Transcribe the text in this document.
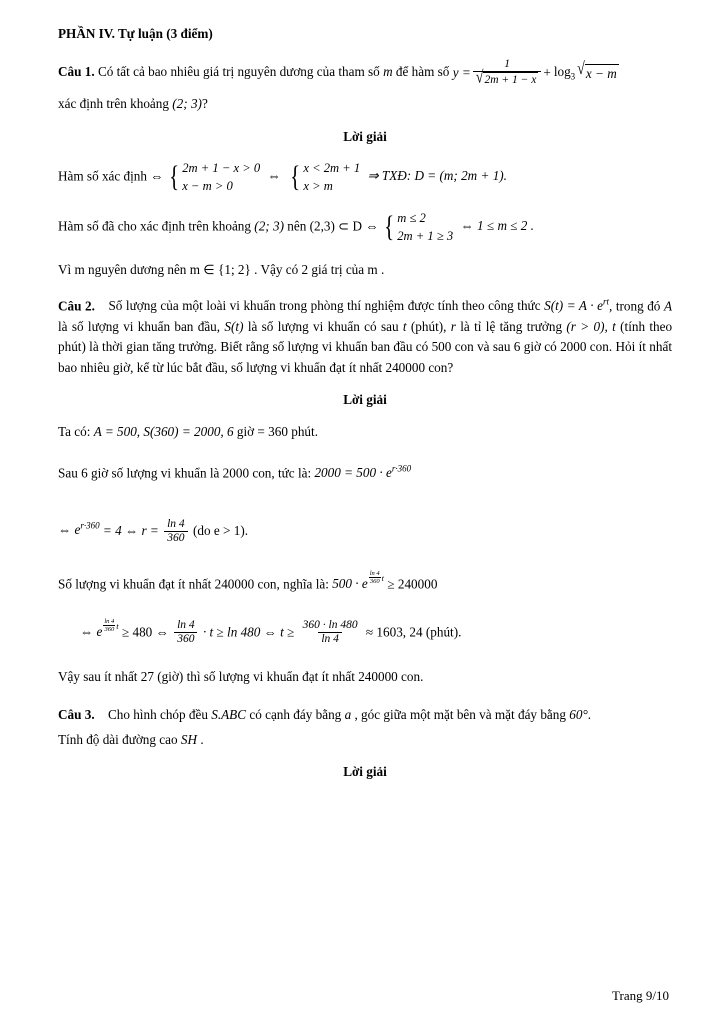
PHẦN IV. Tự luận (3 điểm)
Câu 1. Có tất cả bao nhiêu giá trị nguyên dương của tham số m để hàm số $y = \frac{1}{√ 2m + 1 - x} + \log_3$ √ x − m
xác định trên khoảng (2; 3)?
Lời giải
Hàm số xác định ⇔ { 2m + 1 − x > 0
x − m > 0
⇔ { x < 2m + 1
x > m
⇒ TXĐ: D = (m; 2m + 1).
Hàm số đã cho xác định trên khoảng (2; 3) nên (2,3) ⊂ D ⇔ { m ≤ 2
2m + 1 ≥ 3
⇔ 1 ≤ m ≤ 2 .
Vì m nguyên dương nên m ∈ {1; 2} . Vậy có 2 giá trị của m .
Câu 2. Số lượng của một loài vi khuẩn trong phòng thí nghiệm được tính theo công thức $S(t) = A \cdot e^{rt}$, trong đó A là số lượng vi khuẩn ban đầu, S(t) là số lượng vi khuẩn có sau t (phút), r là tỉ lệ tăng trưởng (r > 0), t (tính theo phút) là thời gian tăng trưởng. Biết rằng số lượng vi khuẩn ban đầu có 500 con và sau 6 giờ có 2000 con. Hỏi ít nhất bao nhiêu giờ, kể từ lúc bắt đầu, số lượng vi khuẩn đạt ít nhất 240000 con?
Lời giải
Ta có: A = 500, S(360) = 2000, 6 giờ = 360 phút.
Sau 6 giờ số lượng vi khuẩn là 2000 con, tức là: $2000 = 500 \cdot e^{r\cdot 360}$
⇔ $e^{r\cdot 360} = 4$ ⇔ $r = \frac{\ln 4}{360} (do$ e > 1).
Số lượng vi khuẩn đạt ít nhất 240000 con, nghĩa là: 500 · e $\frac{\ln 4}{360}$ t ≥ 240000
⇔ e $\frac{\ln 4}{360}$ t ≥ 480 ⇔ $\frac{\ln 4}{360} \cdot t \ge \ln 480$ ⇔ $t \ge \frac{360 \cdot \ln 480}{\ln 4} \approx 1603$, 24 (phút).
Vậy sau ít nhất 27 (giờ) thì số lượng vi khuẩn đạt ít nhất 240000 con.
Câu 3. Cho hình chóp đều S.ABC có cạnh đáy bằng a , góc giữa một mặt bên và mặt đáy bằng 60°.
Tính độ dài đường cao SH .
Lời giải
Trang 9/10
